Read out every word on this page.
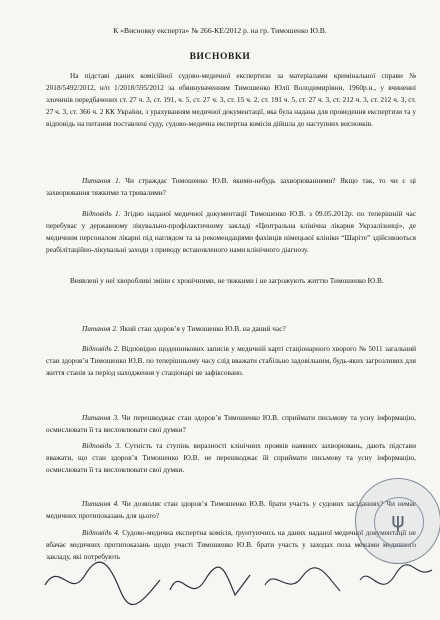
К «Висновку експерта» № 266-КЕ/2012 р. на гр. Тимошенко Ю.В.
ВИСНОВКИ
На підставі даних комісійної судово-медичної експертизи за матеріалами кримінальної справи № 2018/5492/2012, н/п 1/2018/595/2012 за обвинуваченням Тимошенко Юлії Володимирівни, 1960р.н., у вчиненні злочинів передбачених ст. 27 ч. 3, ст. 191, ч. 5, ст. 27 ч. 3, ст. 15 ч. 2, ст. 191 ч. 5, ст. 27 ч. 3, ст. 212 ч. 3, ст. 212 ч. 3, ст. 27 ч. 3, ст. 366 ч. 2 КК України, з урахуванням медичної документації, яка була надана для проведення експертизи та у відповідь на питання поставлені суду, судово-медична експертна комісія дійшла до наступних висновків.
Питання 1. Чи страждає Тимошенко Ю.В. якими-небудь захворюваннями? Якщо так, то чи є ці захворювання тяжкими та тривалими?
Відповідь 1. Згідно наданої медичної документації Тимошенко Ю.В. з 09.05.2012р. по теперішній час перебуває у державному лікувально-профілактичному закладі «Центральна клінічна лікарня Укрзалізниці», де медичним персоналом лікарні під наглядом та за рекомендаціями фахівців німецької клініки “Шаріте” здійснюються реабілітаційно-лікувальні заходи з приводу встановленого нами клінічного діагнозу.
Виявлені у неї хворобливі зміни є хронічними, не тяжкими і не загрожують життю Тимошенко Ю.В.
Питання 2. Який стан здоров’я у Тимошенко Ю.В. на даний час?
Відповідь 2. Відповідно щоденникових записів у медичній карті стаціонарного хворого № 5011 загальний стан здоров’я Тимошенко Ю.В. по теперішньому часу слід вважати стабільно задовільним, будь-яких загрозливих для життя станів за період находження у стаціонарі не зафіксовано.
Питання 3. Чи перешкоджає стан здоров’я Тимошенко Ю.В. сприймати письмову та усну інформацію, осмислювати її та висловлювати свої думки?
Відповідь 3. Сутність та ступінь виразності клінічних проявів наявних захворювань, дають підстави вважати, що стан здоров’я Тимошенко Ю.В. не перешкоджає їй сприймати письмову та усну інформацію, осмислювати її та висловлювати свої думки.
Питання 4. Чи дозволяє стан здоров’я Тимошенко Ю.В. брати участь у судових засіданнях? Чи немає медичних протипоказань для цього?
Відповідь 4. Судово-медична експертна комісія, ґрунтуючись на даних наданої медичної документації не вбачає медичних протипоказань щодо участі Тимошенко Ю.В. брати участь у заходах поза межами медичного закладу, які потребують
ψ
